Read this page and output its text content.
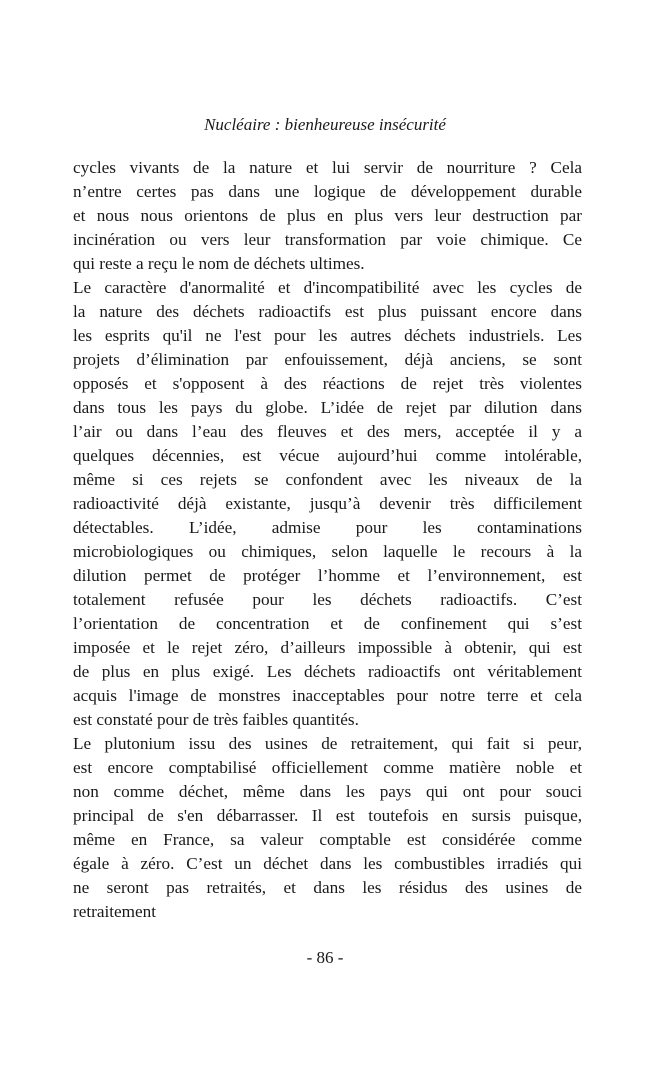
Nucléaire : bienheureuse insécurité
cycles vivants de la nature et lui servir de nourriture ? Cela
n’entre certes pas dans une logique de développement durable
et nous nous orientons de plus en plus vers leur destruction par
incinération ou vers leur transformation par voie chimique. Ce
qui reste a reçu le nom de déchets ultimes.
Le caractère d'anormalité et d'incompatibilité avec les cycles de
la nature des déchets radioactifs est plus puissant encore dans
les esprits qu'il ne l'est pour les autres déchets industriels. Les
projets d’élimination par enfouissement, déjà anciens, se sont
opposés et s'opposent à des réactions de rejet très violentes
dans tous les pays du globe. L’idée de rejet par dilution dans
l’air ou dans l’eau des fleuves et des mers, acceptée il y a
quelques décennies, est vécue aujourd’hui comme intolérable,
même si ces rejets se confondent avec les niveaux de la
radioactivité déjà existante, jusqu’à devenir très difficilement
détectables. L’idée, admise pour les contaminations
microbiologiques ou chimiques, selon laquelle le recours à la
dilution permet de protéger l’homme et l’environnement, est
totalement refusée pour les déchets radioactifs. C’est
l’orientation de concentration et de confinement qui s’est
imposée et le rejet zéro, d’ailleurs impossible à obtenir, qui est
de plus en plus exigé. Les déchets radioactifs ont véritablement
acquis l'image de monstres inacceptables pour notre terre et cela
est constaté pour de très faibles quantités.
Le plutonium issu des usines de retraitement, qui fait si peur,
est encore comptabilisé officiellement comme matière noble et
non comme déchet, même dans les pays qui ont pour souci
principal de s'en débarrasser. Il est toutefois en sursis puisque,
même en France, sa valeur comptable est considérée comme
égale à zéro. C’est un déchet dans les combustibles irradiés qui
ne seront pas retraités, et dans les résidus des usines de
retraitement
- 86 -
